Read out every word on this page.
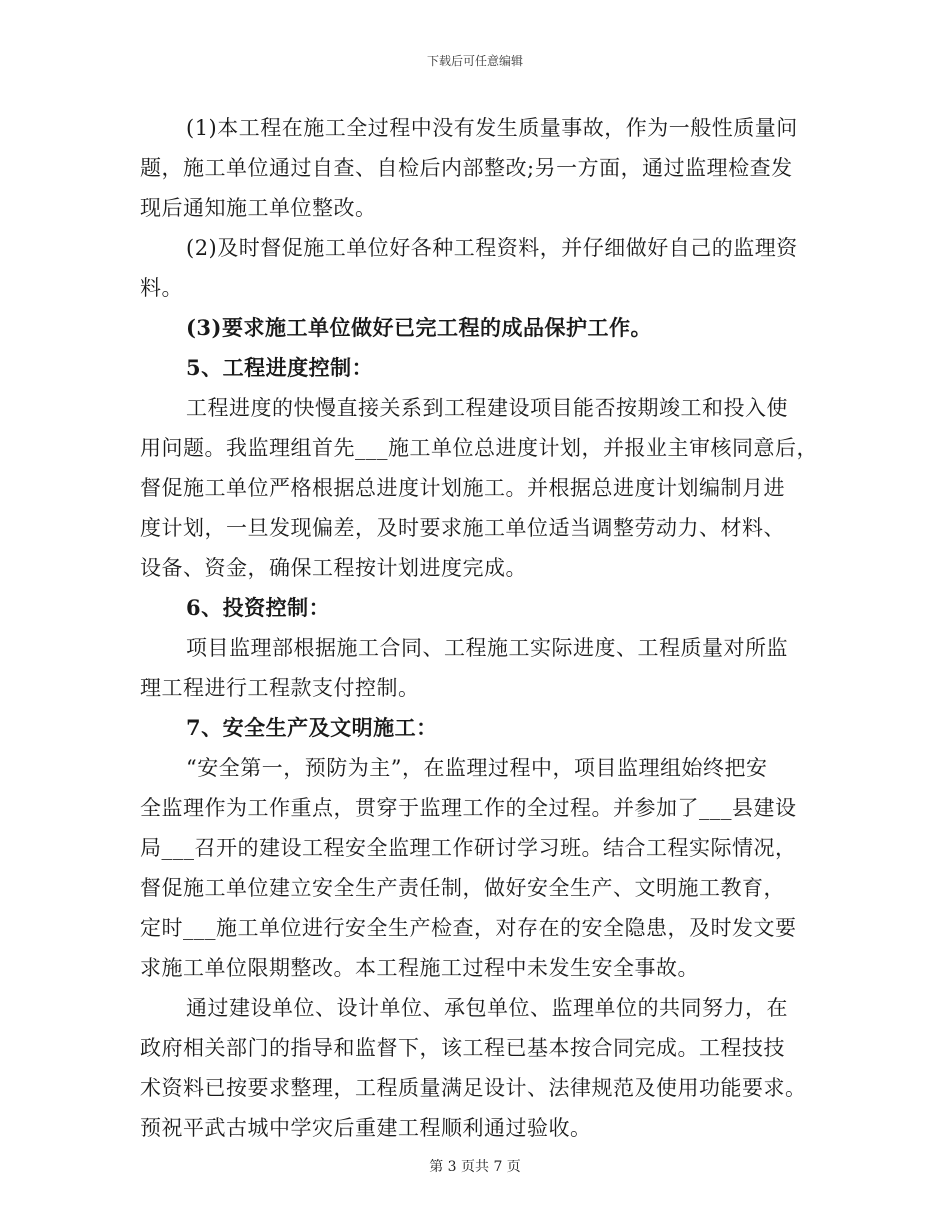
下载后可任意编辑
(1)本工程在施工全过程中没有发生质量事故，作为一般性质量问
题，施工单位通过自查、自检后内部整改;另一方面，通过监理检查发
现后通知施工单位整改。
(2)及时督促施工单位好各种工程资料，并仔细做好自己的监理资
料。
(3)要求施工单位做好已完工程的成品保护工作。
5、工程进度控制：
工程进度的快慢直接关系到工程建设项目能否按期竣工和投入使
用问题。我监理组首先___施工单位总进度计划，并报业主审核同意后，
督促施工单位严格根据总进度计划施工。并根据总进度计划编制月进
度计划，一旦发现偏差，及时要求施工单位适当调整劳动力、材料、
设备、资金，确保工程按计划进度完成。
6、投资控制：
项目监理部根据施工合同、工程施工实际进度、工程质量对所监
理工程进行工程款支付控制。
7、安全生产及文明施工：
“安全第一，预防为主”，在监理过程中，项目监理组始终把安
全监理作为工作重点，贯穿于监理工作的全过程。并参加了___县建设
局___召开的建设工程安全监理工作研讨学习班。结合工程实际情况，
督促施工单位建立安全生产责任制，做好安全生产、文明施工教育，
定时___施工单位进行安全生产检查，对存在的安全隐患，及时发文要
求施工单位限期整改。本工程施工过程中未发生安全事故。
通过建设单位、设计单位、承包单位、监理单位的共同努力，在
政府相关部门的指导和监督下，该工程已基本按合同完成。工程技技
术资料已按要求整理，工程质量满足设计、法律规范及使用功能要求。
预祝平武古城中学灾后重建工程顺利通过验收。
第 3 页共 7 页
